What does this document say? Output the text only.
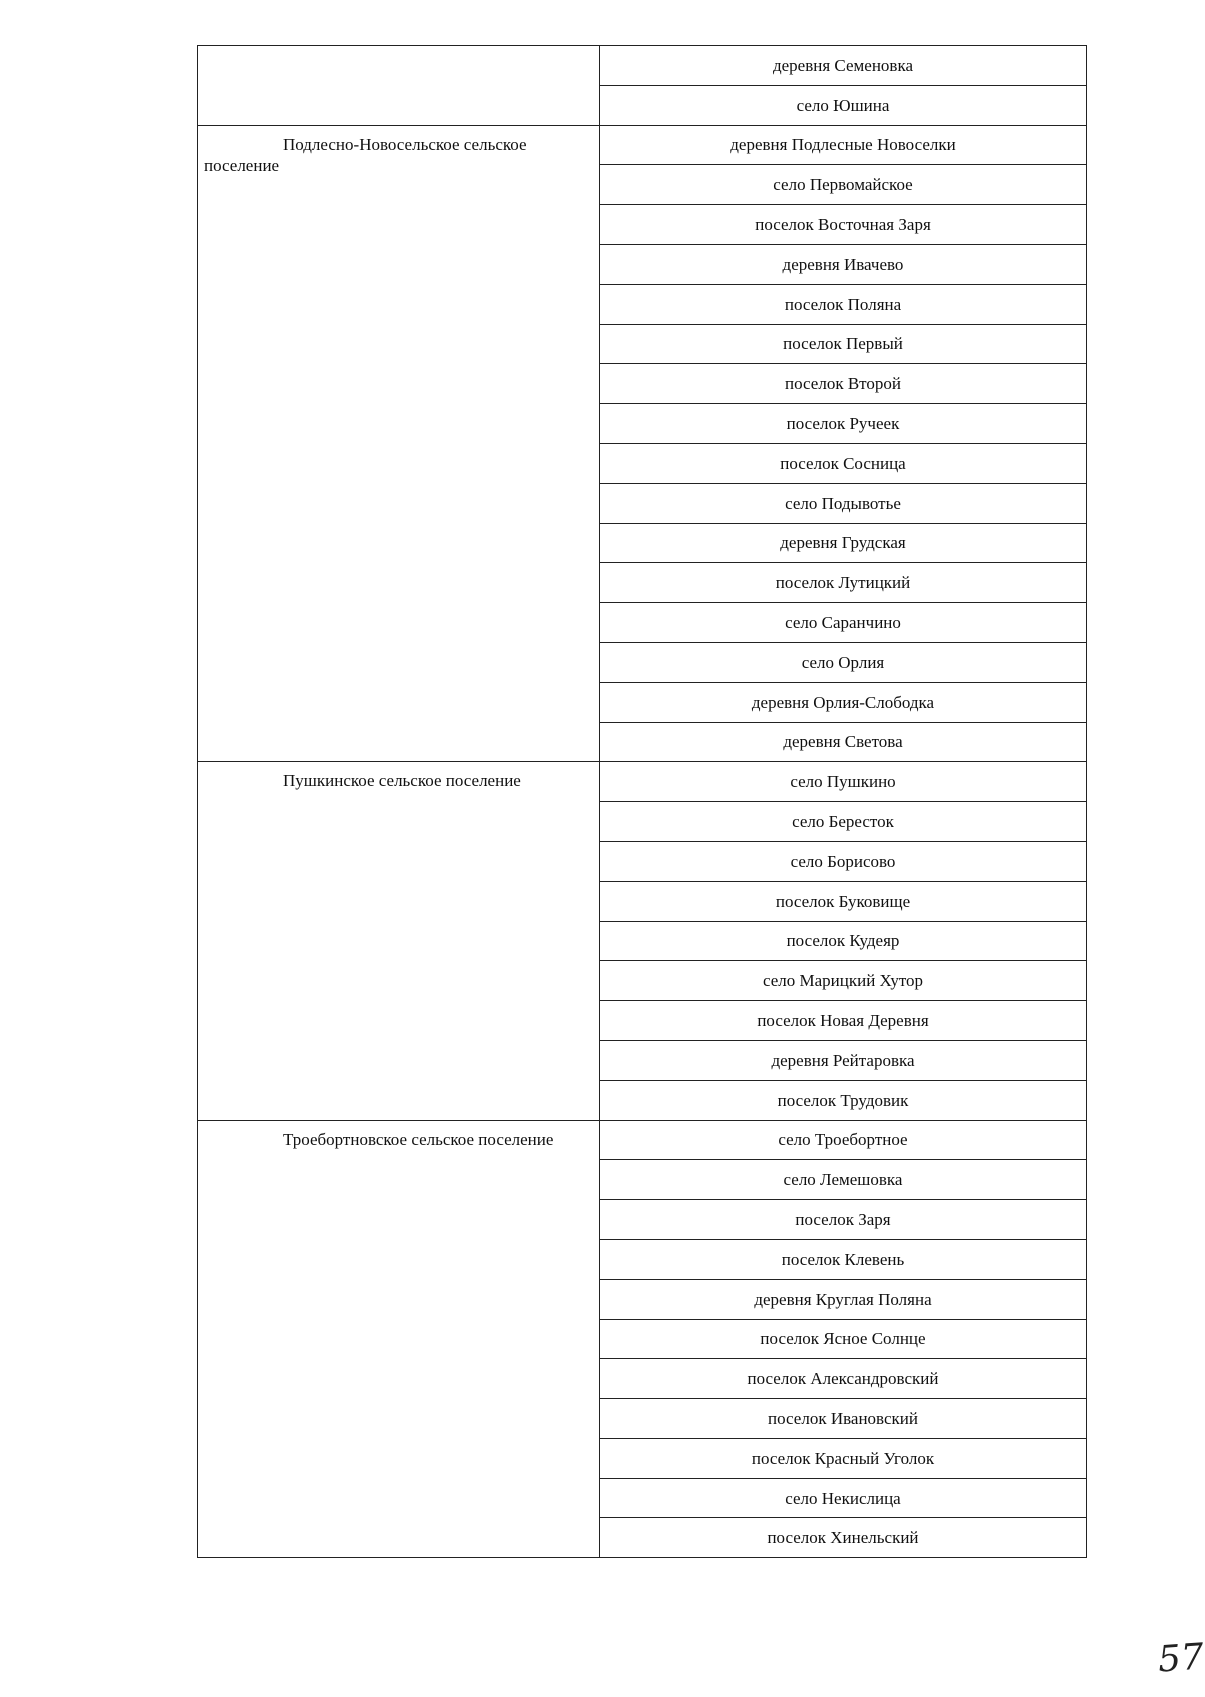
	деревня Семеновка
	село Юшина
Подлесно-Новосельское сельское поселение	деревня Подлесные Новоселки
	село Первомайское
	поселок Восточная Заря
	деревня Ивачево
	поселок Поляна
	поселок Первый
	поселок Второй
	поселок Ручеек
	поселок Сосница
	село Подывотье
	деревня Грудская
	поселок Лутицкий
	село Саранчино
	село Орлия
	деревня Орлия-Слободка
	деревня Светова
Пушкинское сельское поселение	село Пушкино
	село Бересток
	село Борисово
	поселок Буковище
	поселок Кудеяр
	село Марицкий Хутор
	поселок Новая Деревня
	деревня Рейтаровка
	поселок Трудовик
Троебортновское сельское поселение	село Троебортное
	село Лемешовка
	поселок Заря
	поселок Клевень
	деревня Круглая Поляна
	поселок Ясное Солнце
	поселок Александровский
	поселок Ивановский
	поселок Красный Уголок
	село Некислица
	поселок Хинельский
57
